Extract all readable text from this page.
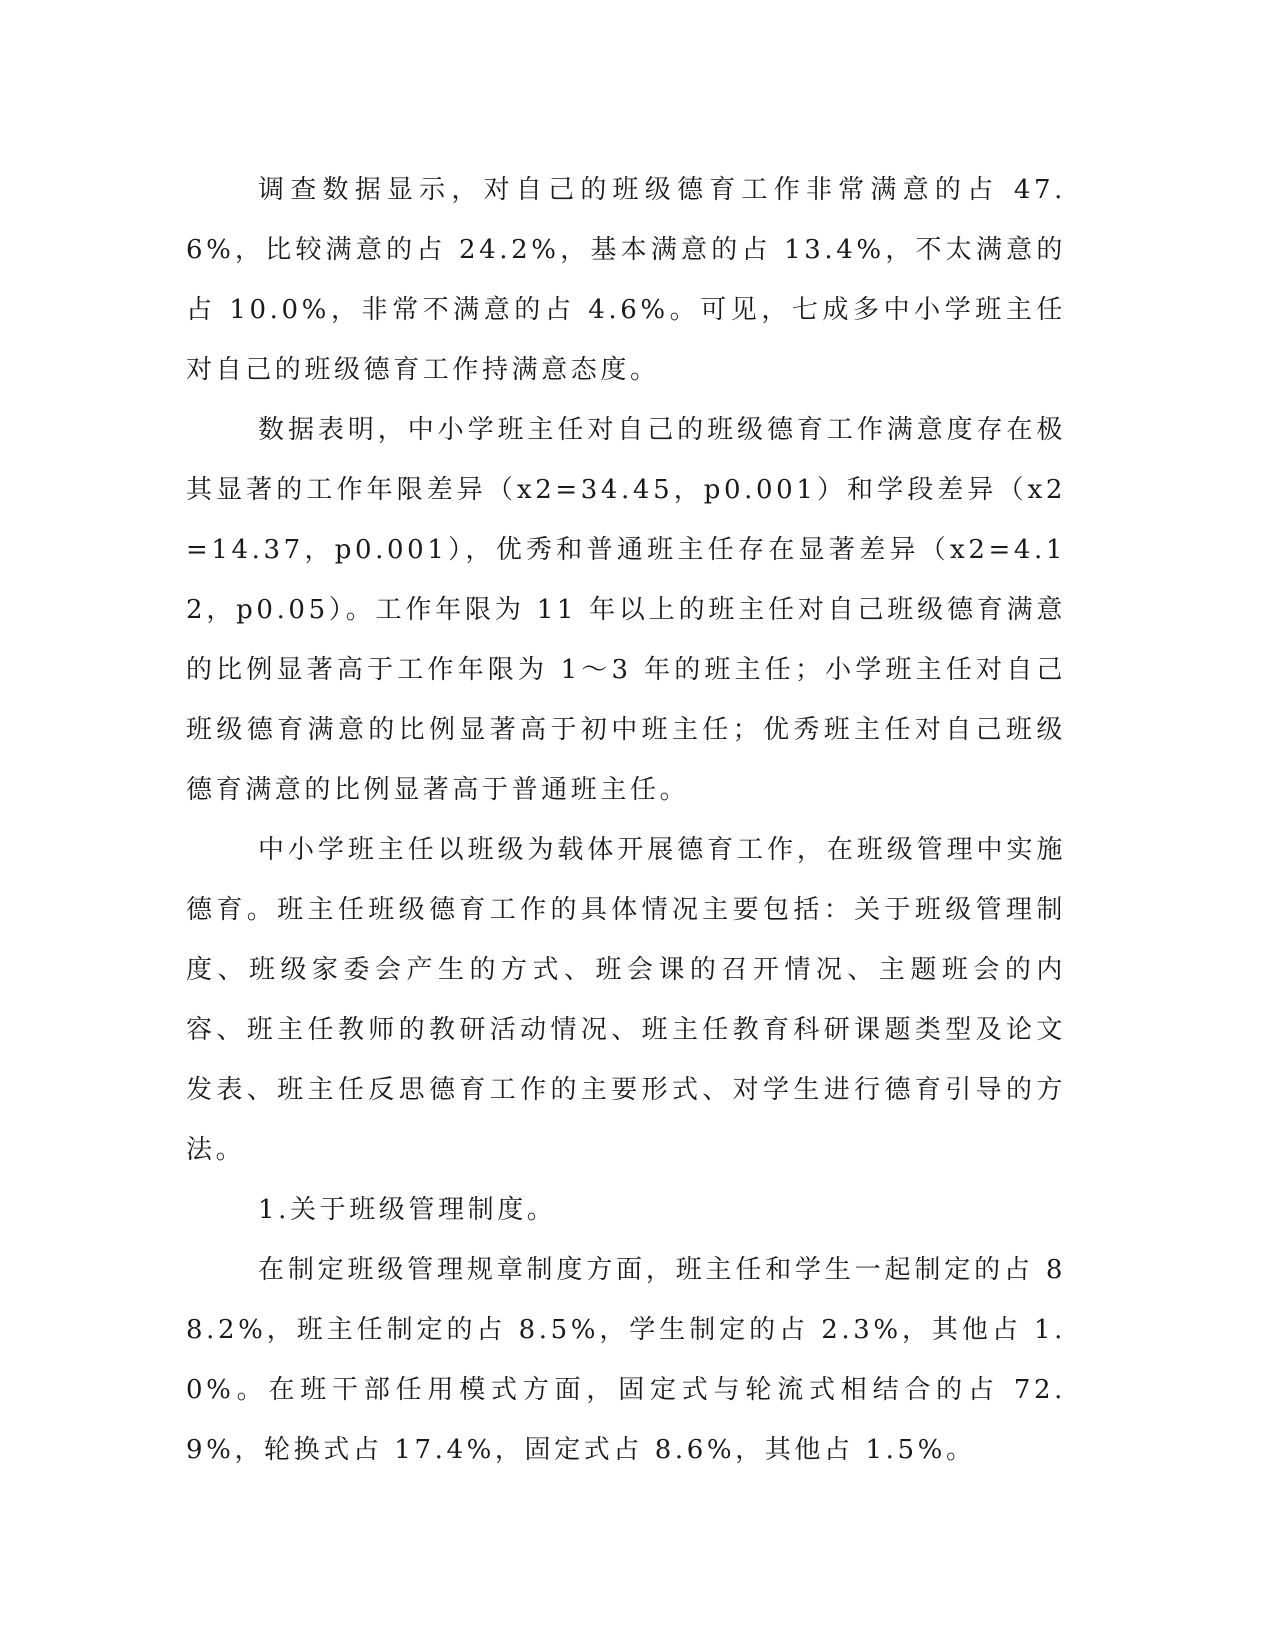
调查数据显示，对自己的班级德育工作非常满意的占 47.6%，比较满意的占 24.2%，基本满意的占 13.4%，不太满意的占 10.0%，非常不满意的占 4.6%。可见，七成多中小学班主任对自己的班级德育工作持满意态度。

数据表明，中小学班主任对自己的班级德育工作满意度存在极其显著的工作年限差异（x2=34.45，p0.001）和学段差异（x2=14.37，p0.001），优秀和普通班主任存在显著差异（x2=4.12，p0.05）。工作年限为 11 年以上的班主任对自己班级德育满意的比例显著高于工作年限为 1～3 年的班主任；小学班主任对自己班级德育满意的比例显著高于初中班主任；优秀班主任对自己班级德育满意的比例显著高于普通班主任。

中小学班主任以班级为载体开展德育工作，在班级管理中实施德育。班主任班级德育工作的具体情况主要包括：关于班级管理制度、班级家委会产生的方式、班会课的召开情况、主题班会的内容、班主任教师的教研活动情况、班主任教育科研课题类型及论文发表、班主任反思德育工作的主要形式、对学生进行德育引导的方法。

1.关于班级管理制度。

在制定班级管理规章制度方面，班主任和学生一起制定的占 88.2%，班主任制定的占 8.5%，学生制定的占 2.3%，其他占 1.0%。在班干部任用模式方面，固定式与轮流式相结合的占 72.9%，轮换式占 17.4%，固定式占 8.6%，其他占 1.5%。
